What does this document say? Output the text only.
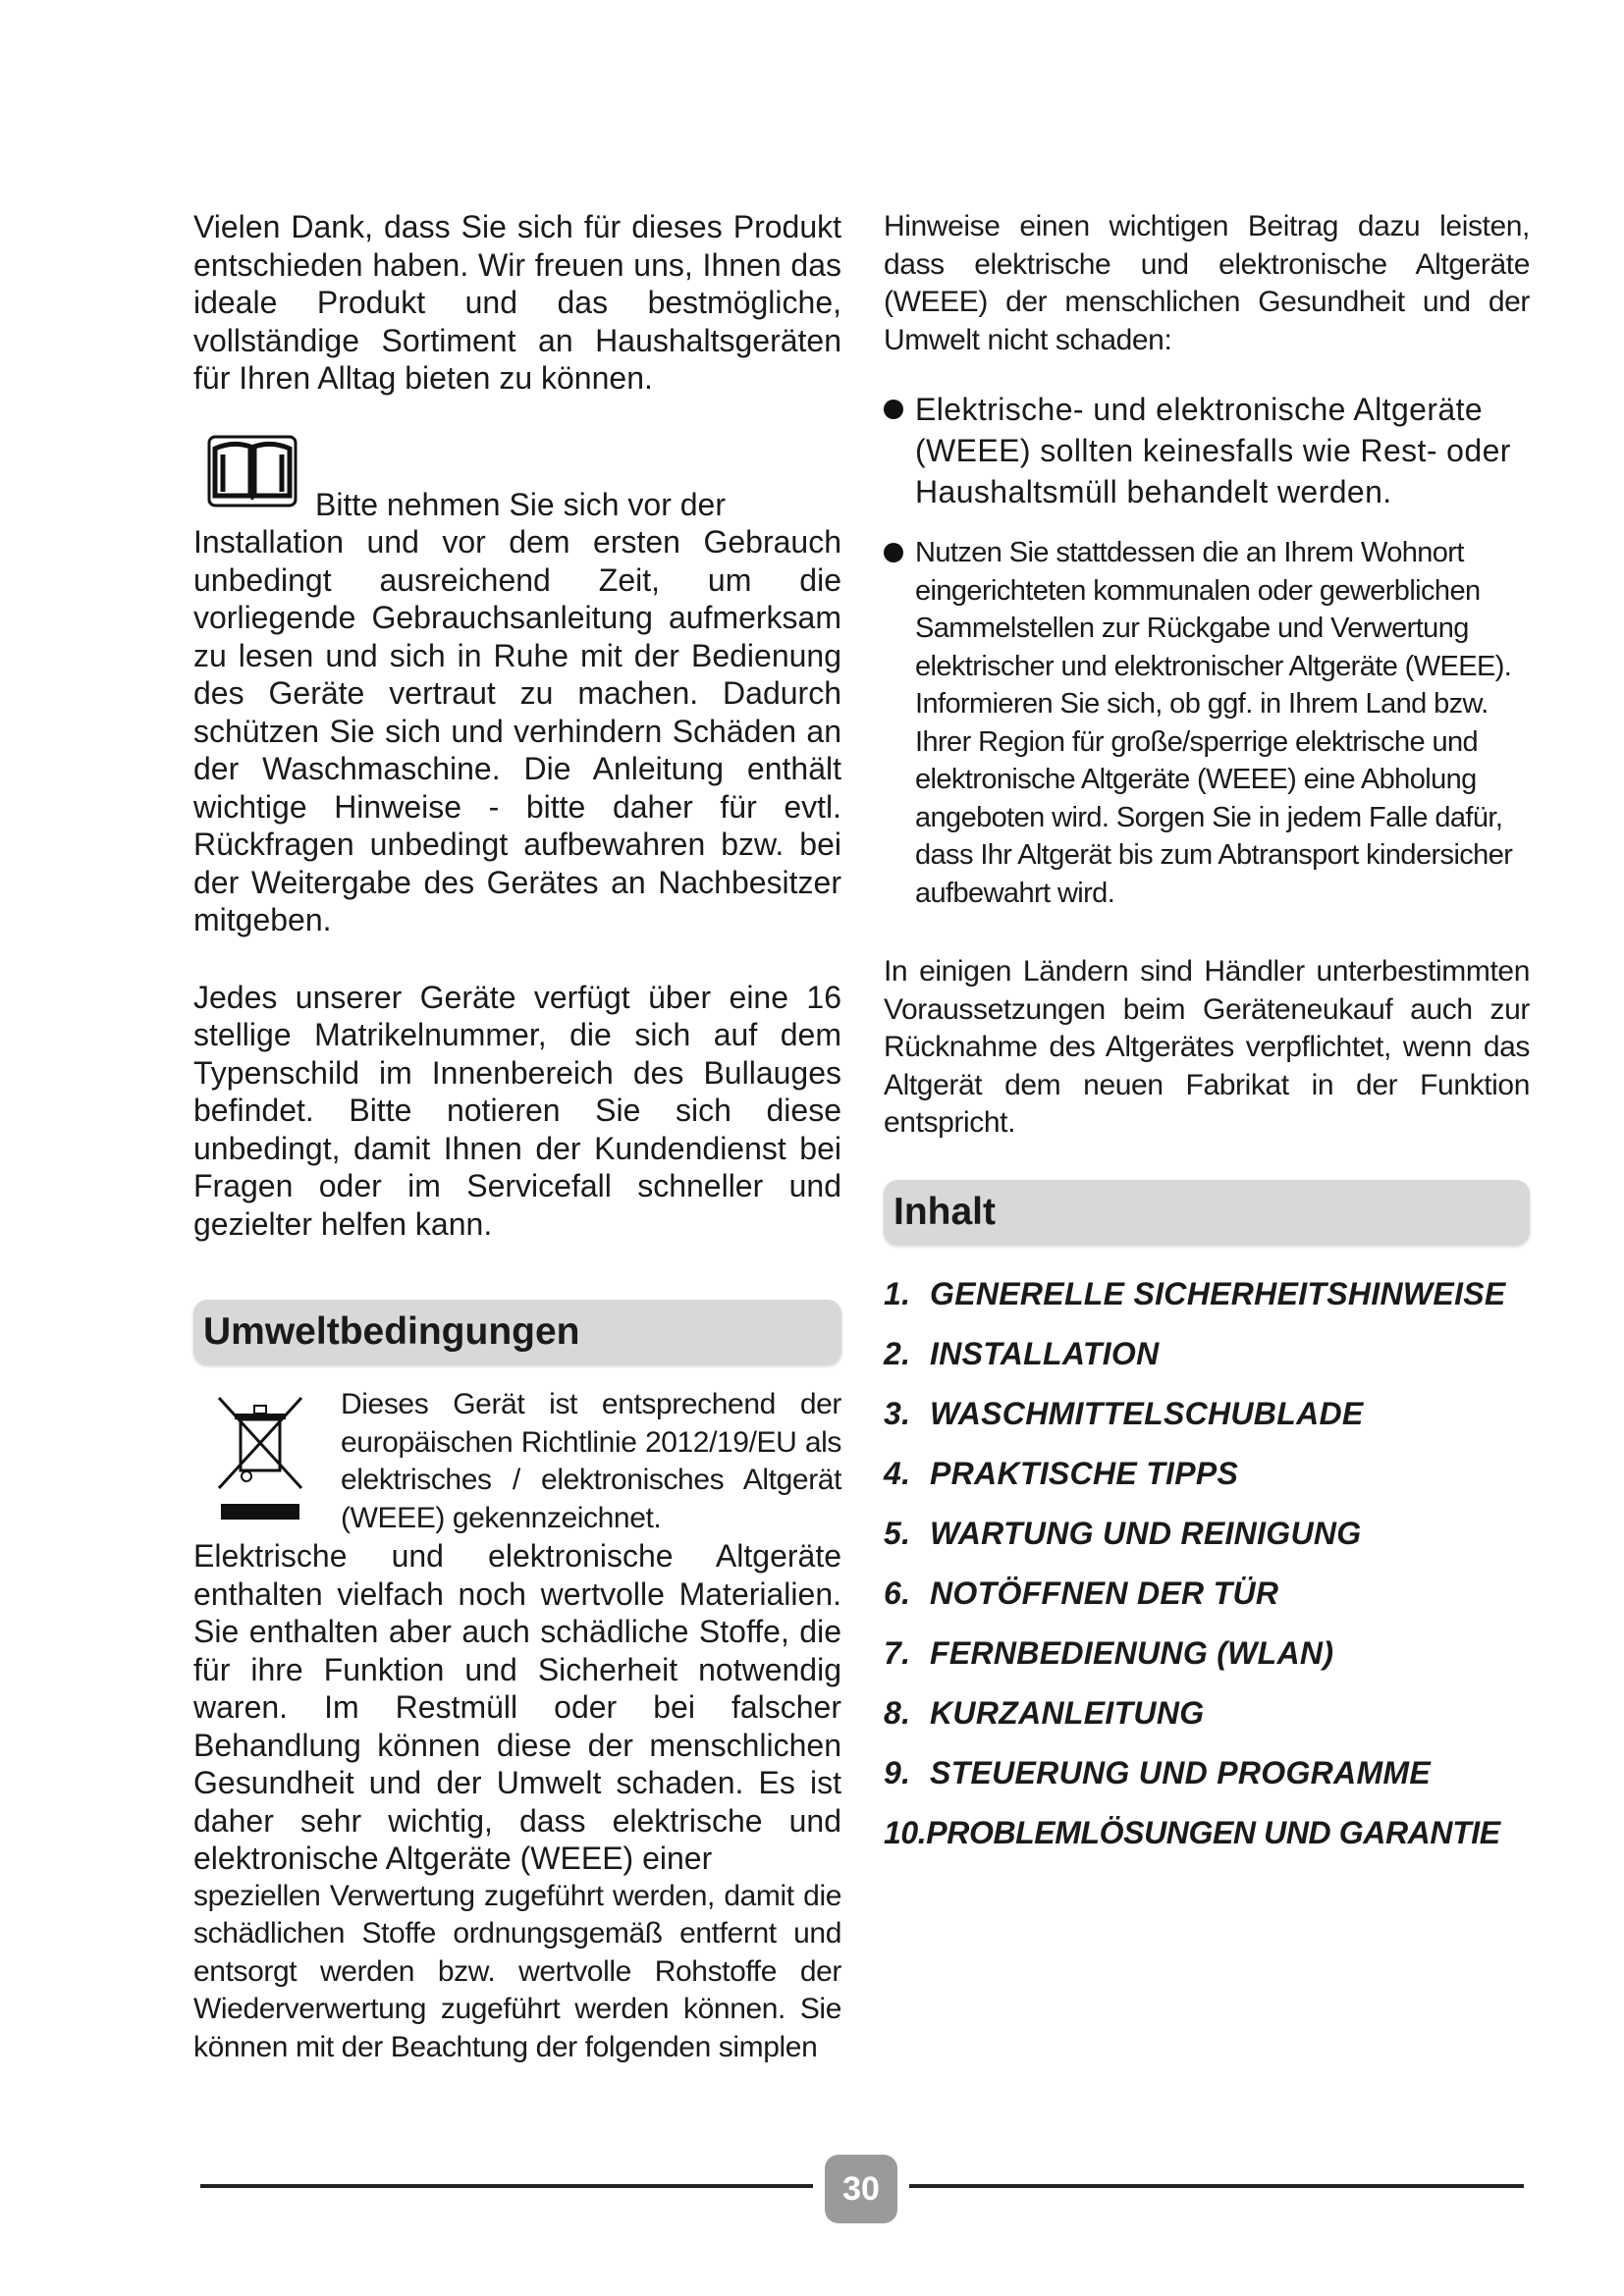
Vielen Dank, dass Sie sich für dieses Produkt entschieden haben. Wir freuen uns, Ihnen das ideale Produkt und das bestmögliche, vollständige Sortiment an Haushaltsgeräten für Ihren Alltag bieten zu können.

Bitte nehmen Sie sich vor der

Installation und vor dem ersten Gebrauch unbedingt ausreichend Zeit, um die vorliegende Gebrauchsanleitung aufmerksam zu lesen und sich in Ruhe mit der Bedienung des Geräte vertraut zu machen. Dadurch schützen Sie sich und verhindern Schäden an der Waschmaschine. Die Anleitung enthält wichtige Hinweise - bitte daher für evtl. Rückfragen unbedingt aufbewahren bzw. bei der Weitergabe des Gerätes an Nachbesitzer mitgeben.

Jedes unserer Geräte verfügt über eine 16 stellige Matrikelnummer, die sich auf dem Typenschild im Innenbereich des Bullauges befindet. Bitte notieren Sie sich diese unbedingt, damit Ihnen der Kundendienst bei Fragen oder im Servicefall schneller und gezielter helfen kann.

Umweltbedingungen

Dieses Gerät ist entsprechend der europäischen Richtlinie 2012/19/EU als elektrisches / elektronisches Altgerät (WEEE) gekennzeichnet.

Elektrische und elektronische Altgeräte enthalten vielfach noch wertvolle Materialien. Sie enthalten aber auch schädliche Stoffe, die für ihre Funktion und Sicherheit notwendig waren. Im Restmüll oder bei falscher Behandlung können diese der menschlichen Gesundheit und der Umwelt schaden. Es ist daher sehr wichtig, dass elektrische und elektronische Altgeräte (WEEE) einer

speziellen Verwertung zugeführt werden, damit die schädlichen Stoffe ordnungsgemäß entfernt und entsorgt werden bzw. wertvolle Rohstoffe der Wiederverwertung zugeführt werden können. Sie können mit der Beachtung der folgenden simplen

Hinweise einen wichtigen Beitrag dazu leisten, dass elektrische und elektronische Altgeräte (WEEE) der menschlichen Gesundheit und der Umwelt nicht schaden:

Elektrische- und elektronische Altgeräte (WEEE) sollten keinesfalls wie Rest- oder Haushaltsmüll behandelt werden.
Nutzen Sie stattdessen die an Ihrem Wohnort eingerichteten kommunalen oder gewerblichen Sammelstellen zur Rückgabe und Verwertung elektrischer und elektronischer Altgeräte (WEEE). Informieren Sie sich, ob ggf. in Ihrem Land bzw. Ihrer Region für große/sperrige elektrische und elektronische Altgeräte (WEEE) eine Abholung angeboten wird. Sorgen Sie in jedem Falle dafür, dass Ihr Altgerät bis zum Abtransport kindersicher aufbewahrt wird.

In einigen Ländern sind Händler unterbestimmten Voraussetzungen beim Geräteneukauf auch zur Rücknahme des Altgerätes verpflichtet, wenn das Altgerät dem neuen Fabrikat in der Funktion entspricht.

Inhalt
1. GENERELLE SICHERHEITSHINWEISE
2. INSTALLATION
3. WASCHMITTELSCHUBLADE
4. PRAKTISCHE TIPPS
5. WARTUNG UND REINIGUNG
6. NOTÖFFNEN DER TÜR
7. FERNBEDIENUNG (WLAN)
8. KURZANLEITUNG
9. STEUERUNG UND PROGRAMME
10.PROBLEMLÖSUNGEN UND GARANTIE
30
